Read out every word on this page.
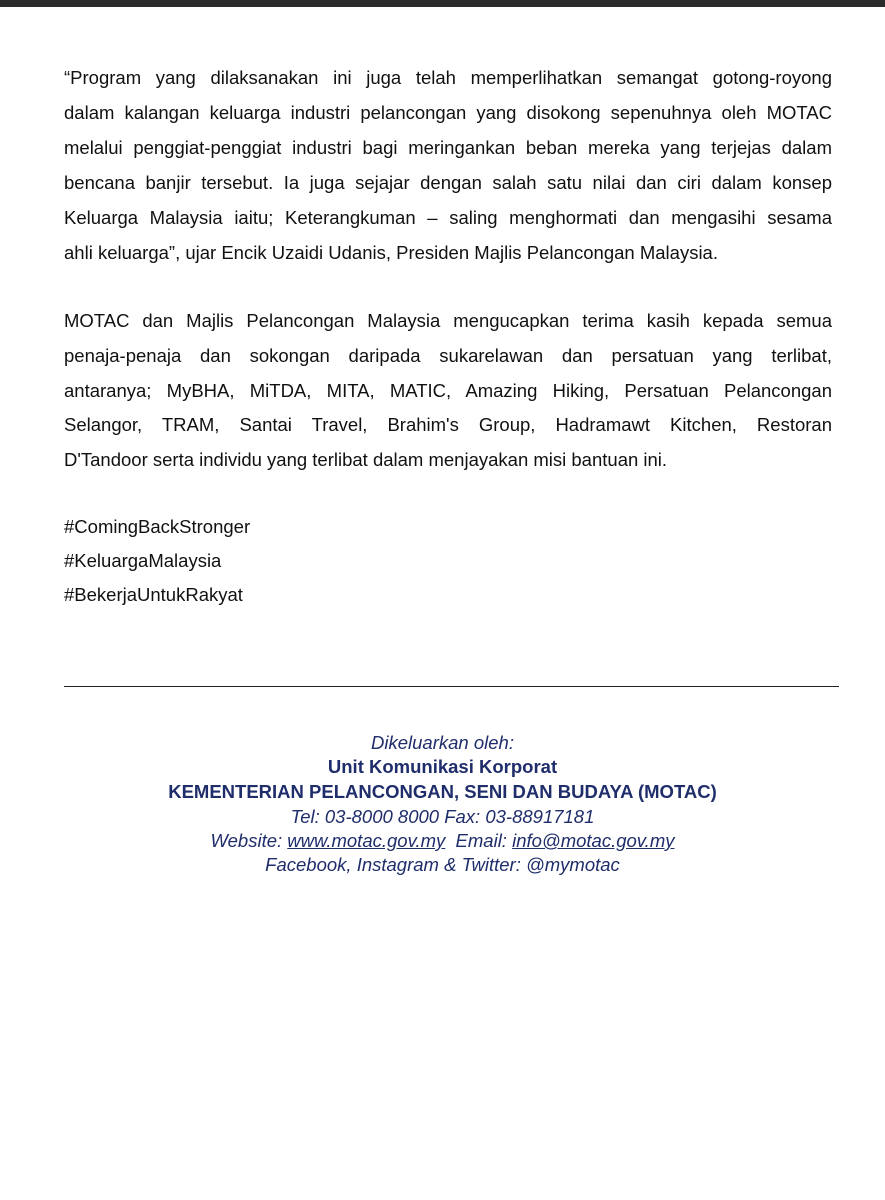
“Program yang dilaksanakan ini juga telah memperlihatkan semangat gotong-royong
dalam kalangan keluarga industri pelancongan yang disokong sepenuhnya oleh MOTAC
melalui penggiat-penggiat industri bagi meringankan beban mereka yang terjejas dalam
bencana banjir tersebut. Ia juga sejajar dengan salah satu nilai dan ciri dalam konsep
Keluarga Malaysia iaitu; Keterangkuman – saling menghormati dan mengasihi sesama
ahli keluarga”, ujar Encik Uzaidi Udanis, Presiden Majlis Pelancongan Malaysia.
MOTAC dan Majlis Pelancongan Malaysia mengucapkan terima kasih kepada semua
penaja-penaja dan sokongan daripada sukarelawan dan persatuan yang terlibat,
antaranya; MyBHA, MiTDA, MITA, MATIC, Amazing Hiking, Persatuan Pelancongan
Selangor, TRAM, Santai Travel, Brahim's Group, Hadramawt Kitchen, Restoran
D'Tandoor serta individu yang terlibat dalam menjayakan misi bantuan ini.
#ComingBackStronger
#KeluargaMalaysia
#BekerjaUntukRakyat
Dikeluarkan oleh:
Unit Komunikasi Korporat
KEMENTERIAN PELANCONGAN, SENI DAN BUDAYA (MOTAC)
Tel: 03-8000 8000 Fax: 03-88917181
Website: www.motac.gov.my Email: info@motac.gov.my
Facebook, Instagram & Twitter: @mymotac
